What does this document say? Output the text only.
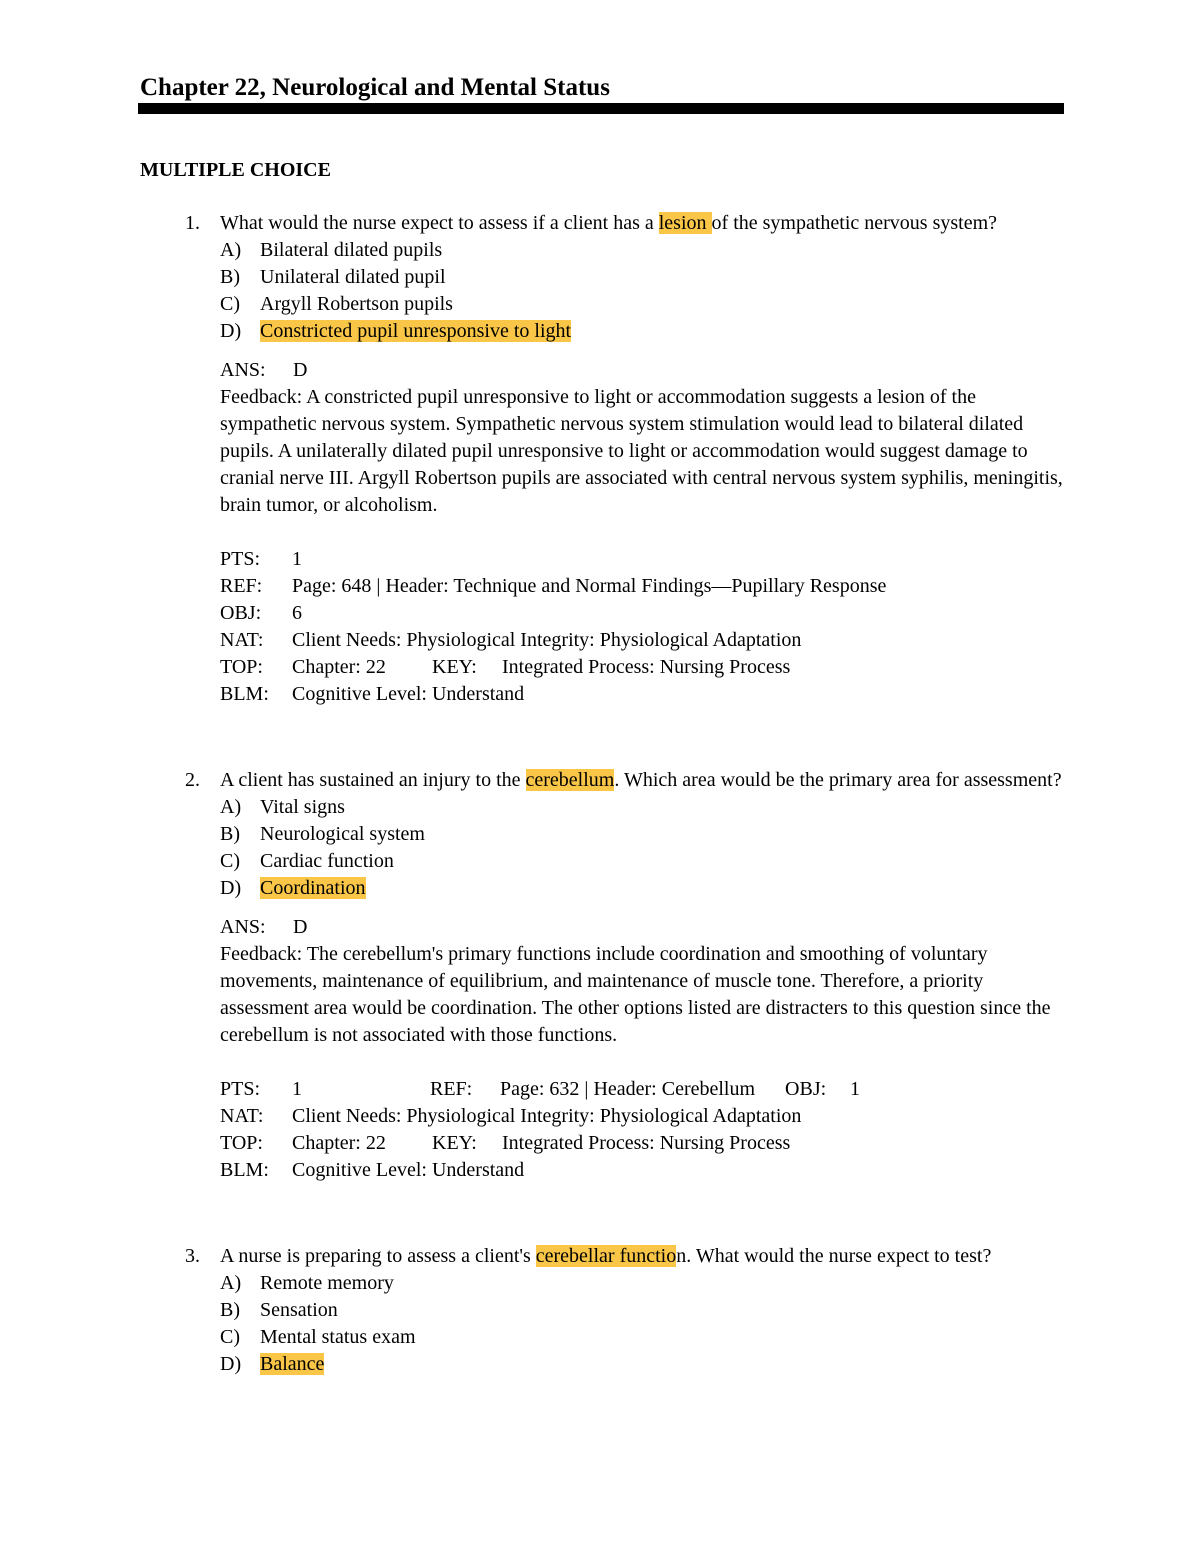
Chapter 22, Neurological and Mental Status
MULTIPLE CHOICE
1. What would the nurse expect to assess if a client has a lesion of the sympathetic nervous system?

A) Bilateral dilated pupils
B) Unilateral dilated pupil
C) Argyll Robertson pupils
D) Constricted pupil unresponsive to light

ANS: D

Feedback: A constricted pupil unresponsive to light or accommodation suggests a lesion of the sympathetic nervous system. Sympathetic nervous system stimulation would lead to bilateral dilated pupils. A unilaterally dilated pupil unresponsive to light or accommodation would suggest damage to cranial nerve III. Argyll Robertson pupils are associated with central nervous system syphilis, meningitis, brain tumor, or alcoholism.

PTS: 1
REF: Page: 648 | Header: Technique and Normal Findings—Pupillary Response
OBJ: 6
NAT: Client Needs: Physiological Integrity: Physiological Adaptation
TOP: Chapter: 22 KEY: Integrated Process: Nursing Process
BLM: Cognitive Level: Understand
2. A client has sustained an injury to the cerebellum. Which area would be the primary area for assessment?

A) Vital signs
B) Neurological system
C) Cardiac function
D) Coordination

ANS: D

Feedback: The cerebellum's primary functions include coordination and smoothing of voluntary movements, maintenance of equilibrium, and maintenance of muscle tone. Therefore, a priority assessment area would be coordination. The other options listed are distracters to this question since the cerebellum is not associated with those functions.

PTS: 1	REF: Page: 632 | Header: Cerebellum OBJ: 1
NAT: Client Needs: Physiological Integrity: Physiological Adaptation
TOP: Chapter: 22 KEY: Integrated Process: Nursing Process
BLM: Cognitive Level: Understand
3. A nurse is preparing to assess a client's cerebellar function. What would the nurse expect to test?

A) Remote memory
B) Sensation
C) Mental status exam
D) Balance
